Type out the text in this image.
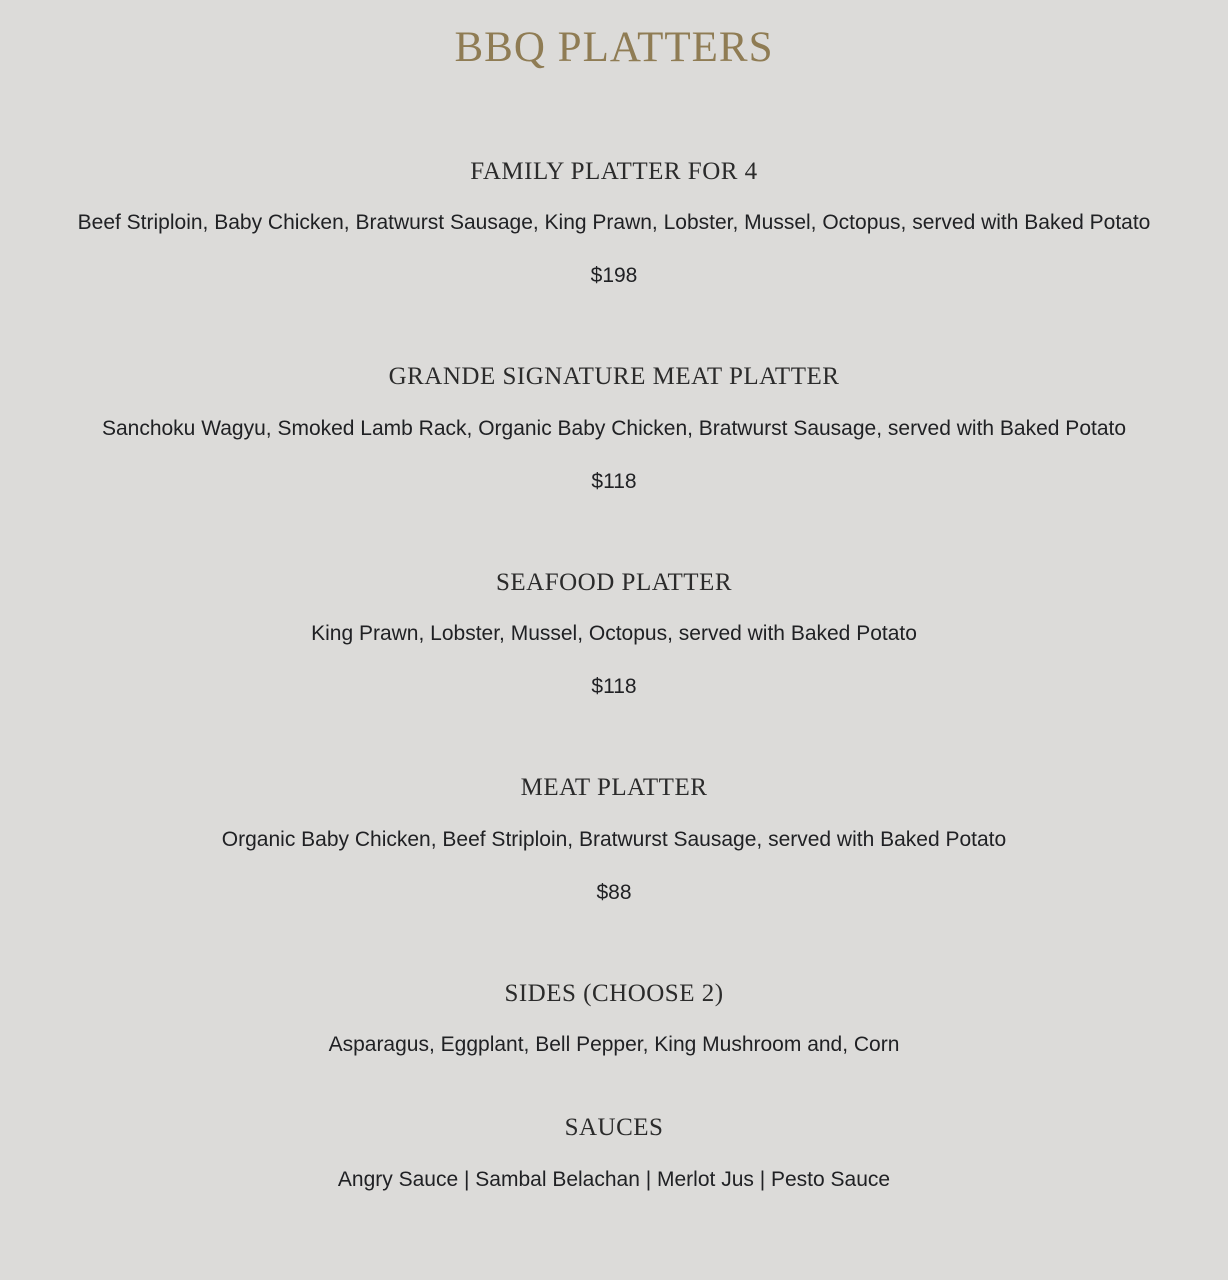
BBQ PLATTERS
FAMILY PLATTER FOR 4

Beef Striploin, Baby Chicken, Bratwurst Sausage, King Prawn, Lobster, Mussel, Octopus, served with Baked Potato

$198

GRANDE SIGNATURE MEAT PLATTER

Sanchoku Wagyu, Smoked Lamb Rack, Organic Baby Chicken, Bratwurst Sausage, served with Baked Potato

$118

SEAFOOD PLATTER

King Prawn, Lobster, Mussel, Octopus, served with Baked Potato

$118

MEAT PLATTER

Organic Baby Chicken, Beef Striploin, Bratwurst Sausage, served with Baked Potato

$88

SIDES (CHOOSE 2)

Asparagus, Eggplant, Bell Pepper, King Mushroom and, Corn

SAUCES

Angry Sauce | Sambal Belachan | Merlot Jus | Pesto Sauce
